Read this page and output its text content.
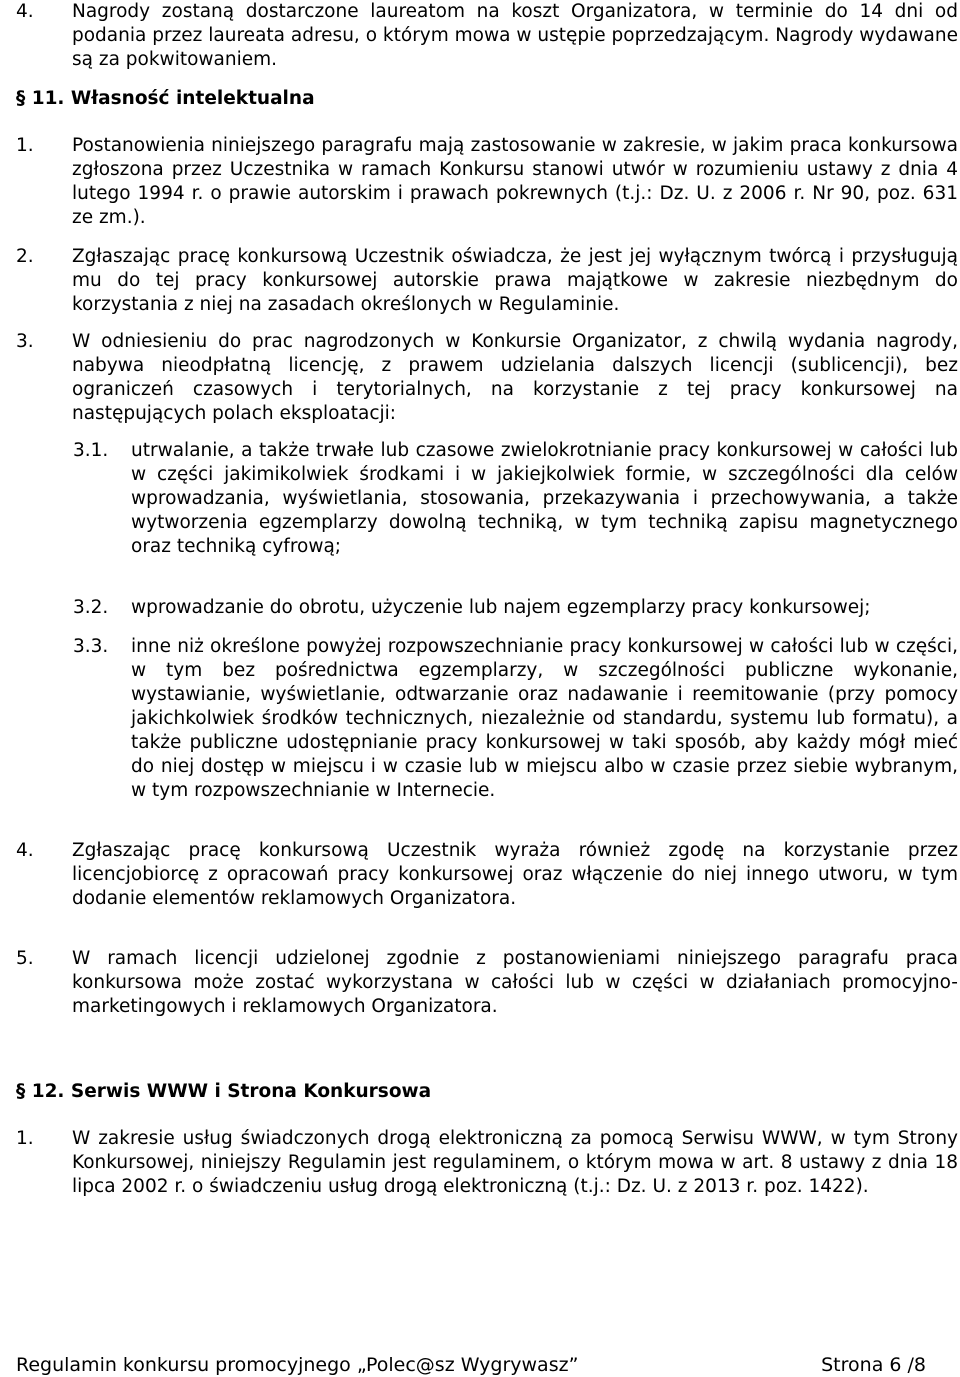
4.	Nagrody zostaną dostarczone laureatom na koszt Organizatora, w terminie do 14 dni od podania przez laureata adresu, o którym mowa w ustępie poprzedzającym. Nagrody wydawane są za pokwitowaniem.
§ 11. Własność intelektualna
1.	Postanowienia niniejszego paragrafu mają zastosowanie w zakresie, w jakim praca konkursowa zgłoszona przez Uczestnika w ramach Konkursu stanowi utwór w rozumieniu ustawy z dnia 4 lutego 1994 r. o prawie autorskim i prawach pokrewnych (t.j.: Dz. U. z 2006 r. Nr 90, poz. 631 ze zm.).
2.	Zgłaszając pracę konkursową Uczestnik oświadcza, że jest jej wyłącznym twórcą i przysługują mu do tej pracy konkursowej autorskie prawa majątkowe w zakresie niezbędnym do korzystania z niej na zasadach określonych w Regulaminie.
3.	W odniesieniu do prac nagrodzonych w Konkursie Organizator, z chwilą wydania nagrody, nabywa nieodpłatną licencję, z prawem udzielania dalszych licencji (sublicencji), bez ograniczeń czasowych i terytorialnych, na korzystanie z tej pracy konkursowej na następujących polach eksploatacji:
3.1.	utrwalanie, a także trwałe lub czasowe zwielokrotnianie pracy konkursowej w całości lub w części jakimikolwiek środkami i w jakiejkolwiek formie, w szczególności dla celów wprowadzania, wyświetlania, stosowania, przekazywania i przechowywania, a także wytworzenia egzemplarzy dowolną techniką, w tym techniką zapisu magnetycznego oraz techniką cyfrową;
3.2.	wprowadzanie do obrotu, użyczenie lub najem egzemplarzy pracy konkursowej;
3.3.	inne niż określone powyżej rozpowszechnianie pracy konkursowej w całości lub w części, w tym bez pośrednictwa egzemplarzy, w szczególności publiczne wykonanie, wystawianie, wyświetlanie, odtwarzanie oraz nadawanie i reemitowanie (przy pomocy jakichkolwiek środków technicznych, niezależnie od standardu, systemu lub formatu), a także publiczne udostępnianie pracy konkursowej w taki sposób, aby każdy mógł mieć do niej dostęp w miejscu i w czasie lub w miejscu albo w czasie przez siebie wybranym, w tym rozpowszechnianie w Internecie.
4.	Zgłaszając pracę konkursową Uczestnik wyraża również zgodę na korzystanie przez licencjobiorcę z opracowań pracy konkursowej oraz włączenie do niej innego utworu, w tym dodanie elementów reklamowych Organizatora.
5.	W ramach licencji udzielonej zgodnie z postanowieniami niniejszego paragrafu praca konkursowa może zostać wykorzystana w całości lub w części w działaniach promocyjno-marketingowych i reklamowych Organizatora.
§ 12. Serwis WWW i Strona Konkursowa
1.	W zakresie usług świadczonych drogą elektroniczną za pomocą Serwisu WWW, w tym Strony Konkursowej, niniejszy Regulamin jest regulaminem, o którym mowa w art. 8 ustawy z dnia 18 lipca 2002 r. o świadczeniu usług drogą elektroniczną (t.j.: Dz. U. z 2013 r. poz. 1422).
Regulamin konkursu promocyjnego „Polec@sz Wygrywasz”	Strona 6 /8
